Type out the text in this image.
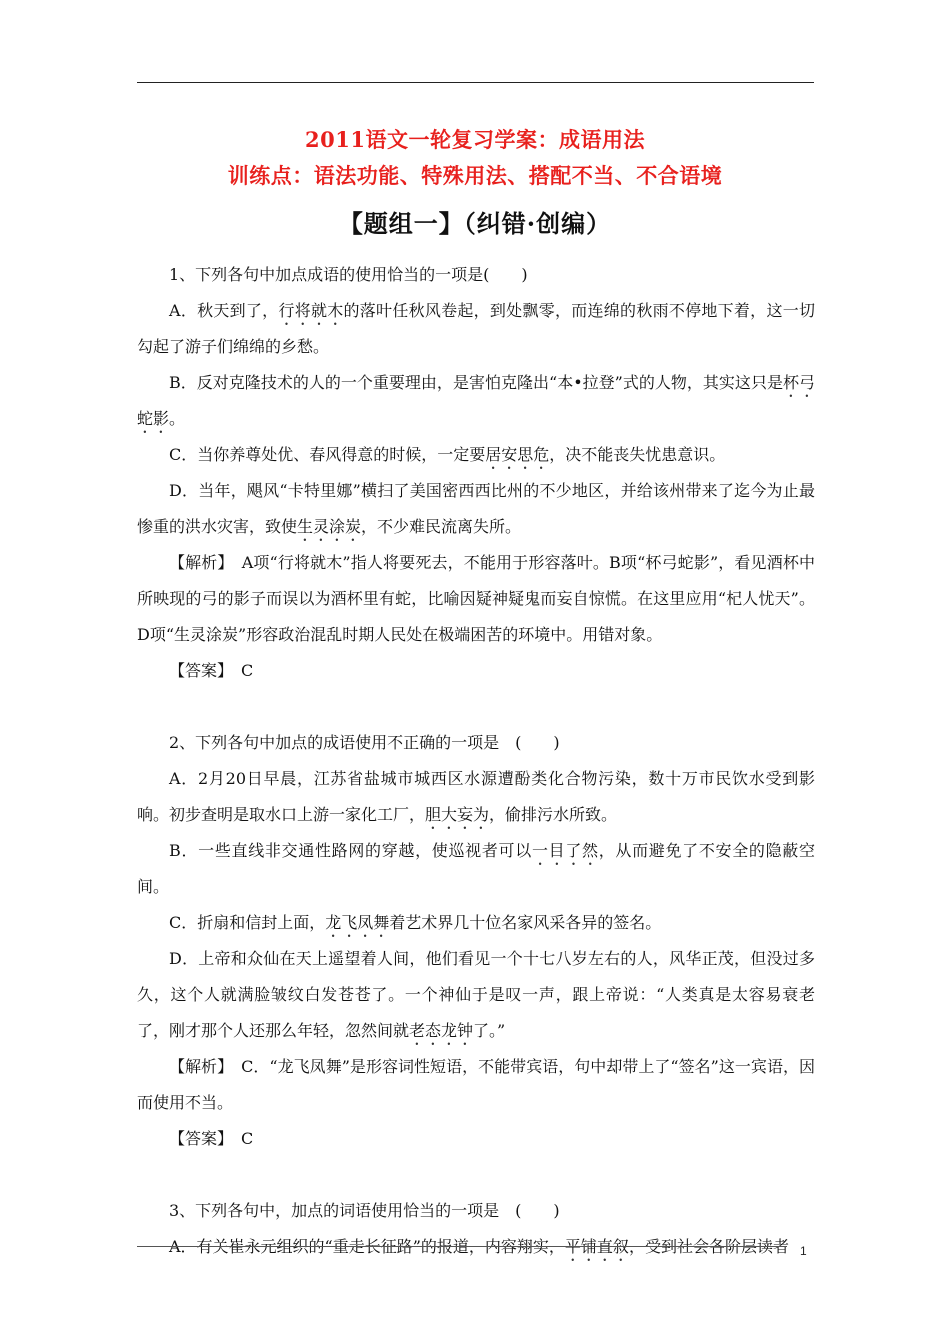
2011语文一轮复习学案：成语用法
训练点：语法功能、特殊用法、搭配不当、不合语境
【题组一】（纠错·创编）

1、下列各句中加点成语的使用恰当的一项是(　　)

A．秋天到了，行将就木的落叶任秋风卷起，到处飘零，而连绵的秋雨不停地下着，这一切勾起了游子们绵绵的乡愁。

B．反对克隆技术的人的一个重要理由，是害怕克隆出“本•拉登”式的人物，其实这只是杯弓蛇影。

C．当你养尊处优、春风得意的时候，一定要居安思危，决不能丧失忧患意识。

D．当年，飓风“卡特里娜”横扫了美国密西西比州的不少地区，并给该州带来了迄今为止最惨重的洪水灾害，致使生灵涂炭，不少难民流离失所。

【解析】　A项“行将就木”指人将要死去，不能用于形容落叶。B项“杯弓蛇影”，看见酒杯中所映现的弓的影子而误以为酒杯里有蛇，比喻因疑神疑鬼而妄自惊慌。在这里应用“杞人忧天”。D项“生灵涂炭”形容政治混乱时期人民处在极端困苦的环境中。用错对象。

【答案】　C

2、下列各句中加点的成语使用不正确的一项是　(　　)

A．2月20日早晨，江苏省盐城市城西区水源遭酚类化合物污染，数十万市民饮水受到影响。初步查明是取水口上游一家化工厂，胆大妄为，偷排污水所致。

B．一些直线非交通性路网的穿越，使巡视者可以一目了然，从而避免了不安全的隐蔽空间。

C．折扇和信封上面，龙飞凤舞着艺术界几十位名家风采各异的签名。

D．上帝和众仙在天上遥望着人间，他们看见一个十七八岁左右的人，风华正茂，但没过多久，这个人就满脸皱纹白发苍苍了。一个神仙于是叹一声，跟上帝说：“人类真是太容易衰老了，刚才那个人还那么年轻，忽然间就老态龙钟了。”

【解析】　C．“龙飞凤舞”是形容词性短语，不能带宾语，句中却带上了“签名”这一宾语，因而使用不当。

【答案】　C

3、下列各句中，加点的词语使用恰当的一项是　(　　)

A．有关崔永元组织的“重走长征路”的报道，内容翔实，平铺直叙，受到社会各阶层读者 1
